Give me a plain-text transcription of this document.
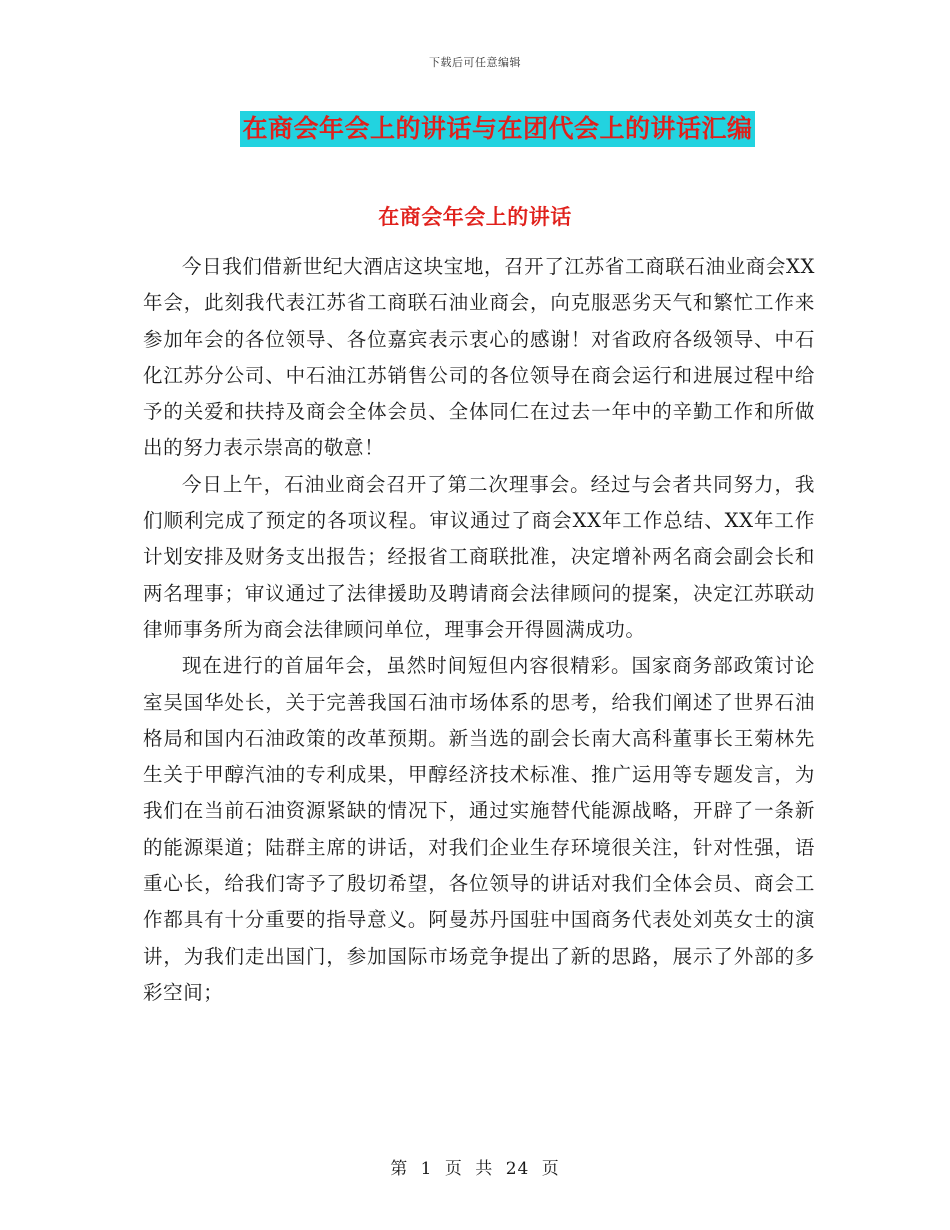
下载后可任意编辑
在商会年会上的讲话与在团代会上的讲话汇编
在商会年会上的讲话

今日我们借新世纪大酒店这块宝地，召开了江苏省工商联石油业商会XX年会，此刻我代表江苏省工商联石油业商会，向克服恶劣天气和繁忙工作来参加年会的各位领导、各位嘉宾表示衷心的感谢！对省政府各级领导、中石化江苏分公司、中石油江苏销售公司的各位领导在商会运行和进展过程中给予的关爱和扶持及商会全体会员、全体同仁在过去一年中的辛勤工作和所做出的努力表示崇高的敬意！

今日上午，石油业商会召开了第二次理事会。经过与会者共同努力，我们顺利完成了预定的各项议程。审议通过了商会XX年工作总结、XX年工作计划安排及财务支出报告；经报省工商联批准，决定增补两名商会副会长和两名理事；审议通过了法律援助及聘请商会法律顾问的提案，决定江苏联动律师事务所为商会法律顾问单位，理事会开得圆满成功。

现在进行的首届年会，虽然时间短但内容很精彩。国家商务部政策讨论室吴国华处长，关于完善我国石油市场体系的思考，给我们阐述了世界石油格局和国内石油政策的改革预期。新当选的副会长南大高科董事长王菊林先生关于甲醇汽油的专利成果，甲醇经济技术标准、推广运用等专题发言，为我们在当前石油资源紧缺的情况下，通过实施替代能源战略，开辟了一条新的能源渠道；陆群主席的讲话，对我们企业生存环境很关注，针对性强，语重心长，给我们寄予了殷切希望，各位领导的讲话对我们全体会员、商会工作都具有十分重要的指导意义。阿曼苏丹国驻中国商务代表处刘英女士的演讲，为我们走出国门，参加国际市场竞争提出了新的思路，展示了外部的多彩空间；

第 1 页 共 24 页
